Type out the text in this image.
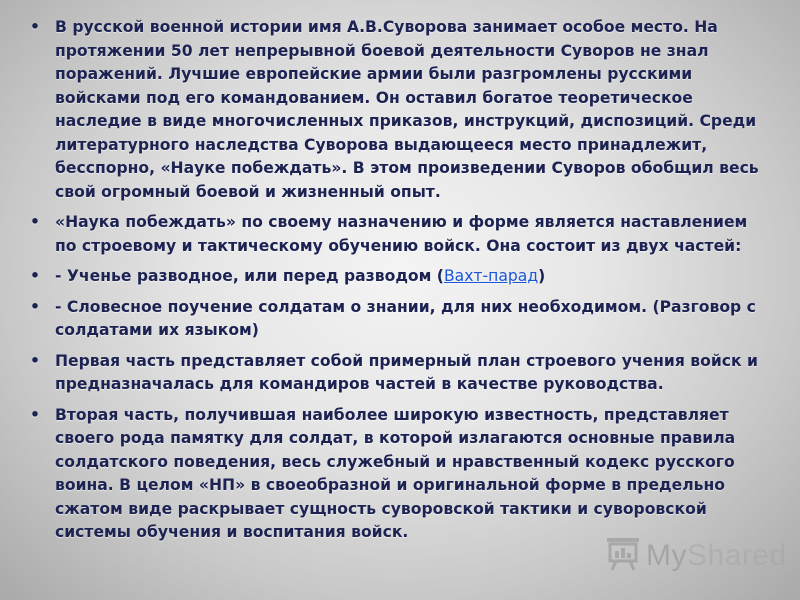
• В русской военной истории имя А.В.Суворова занимает особое место. На протяжении 50 лет непрерывной боевой деятельности Суворов не знал поражений. Лучшие европейские армии были разгромлены русскими войсками под его командованием. Он оставил богатое теоретическое наследие в виде многочисленных приказов, инструкций, диспозиций. Среди литературного наследства Суворова выдающееся место принадлежит, бесспорно, «Науке побеждать». В этом произведении Суворов обобщил весь свой огромный боевой и жизненный опыт.
• «Наука побеждать» по своему назначению и форме является наставлением по строевому и тактическому обучению войск. Она состоит из двух частей:
• - Ученье разводное, или перед разводом (Вахт-парад)
• - Словесное поучение солдатам о знании, для них необходимом. (Разговор с солдатами их языком)
• Первая часть представляет собой примерный план строевого учения войск и предназначалась для командиров частей в качестве руководства.
• Вторая часть, получившая наиболее широкую известность, представляет своего рода памятку для солдат, в которой излагаются основные правила солдатского поведения, весь служебный и нравственный кодекс русского воина. В целом «НП» в своеобразной и оригинальной форме в предельно сжатом виде раскрывает сущность суворовской тактики и суворовской системы обучения и воспитания войск.
MyShared
